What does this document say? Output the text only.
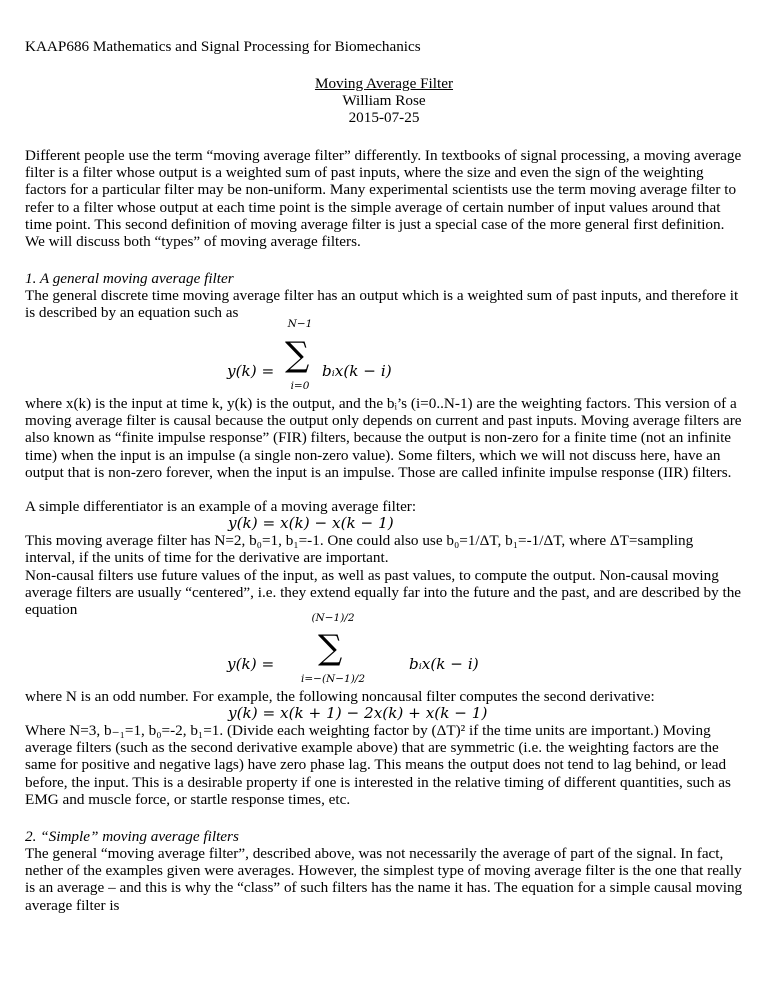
KAAP686 Mathematics and Signal Processing for Biomechanics
Moving Average Filter
William Rose
2015-07-25
Different people use the term “moving average filter” differently. In textbooks of signal processing, a moving average filter is a filter whose output is a weighted sum of past inputs, where the size and even the sign of the weighting factors for a particular filter may be non-uniform. Many experimental scientists use the term moving average filter to refer to a filter whose output at each time point is the simple average of certain number of input values around that time point. This second definition of moving average filter is just a special case of the more general first definition. We will discuss both “types” of moving average filters.
1. A general moving average filter
The general discrete time moving average filter has an output which is a weighted sum of past inputs, and therefore it is described by an equation such as
y(k) =
N−1
∑
i=0
bᵢx(k − i)
where x(k) is the input at time k, y(k) is the output, and the bᵢ’s (i=0..N-1) are the weighting factors. This version of a moving average filter is causal because the output only depends on current and past inputs. Moving average filters are also known as “finite impulse response” (FIR) filters, because the output is non-zero for a finite time (not an infinite time) when the input is an impulse (a single non-zero value). Some filters, which we will not discuss here, have an output that is non-zero forever, when the input is an impulse. Those are called infinite impulse response (IIR) filters.
A simple differentiator is an example of a moving average filter:
y(k) = x(k) − x(k − 1)
This moving average filter has N=2, b₀=1, b₁=-1. One could also use b₀=1/ΔT, b₁=-1/ΔT, where ΔT=sampling interval, if the units of time for the derivative are important.
Non-causal filters use future values of the input, as well as past values, to compute the output. Non-causal moving average filters are usually “centered”, i.e. they extend equally far into the future and the past, and are described by the equation
y(k) =
(N−1)/2
∑
i=−(N−1)/2
bᵢx(k − i)
where N is an odd number. For example, the following noncausal filter computes the second derivative:
y(k) = x(k + 1) − 2x(k) + x(k − 1)
Where N=3, b₋₁=1, b₀=-2, b₁=1. (Divide each weighting factor by (ΔT)² if the time units are important.) Moving average filters (such as the second derivative example above) that are symmetric (i.e. the weighting factors are the same for positive and negative lags) have zero phase lag. This means the output does not tend to lag behind, or lead before, the input. This is a desirable property if one is interested in the relative timing of different quantities, such as EMG and muscle force, or startle response times, etc.
2. “Simple” moving average filters
The general “moving average filter”, described above, was not necessarily the average of part of the signal. In fact, nether of the examples given were averages. However, the simplest type of moving average filter is the one that really is an average – and this is why the “class” of such filters has the name it has. The equation for a simple causal moving average filter is
